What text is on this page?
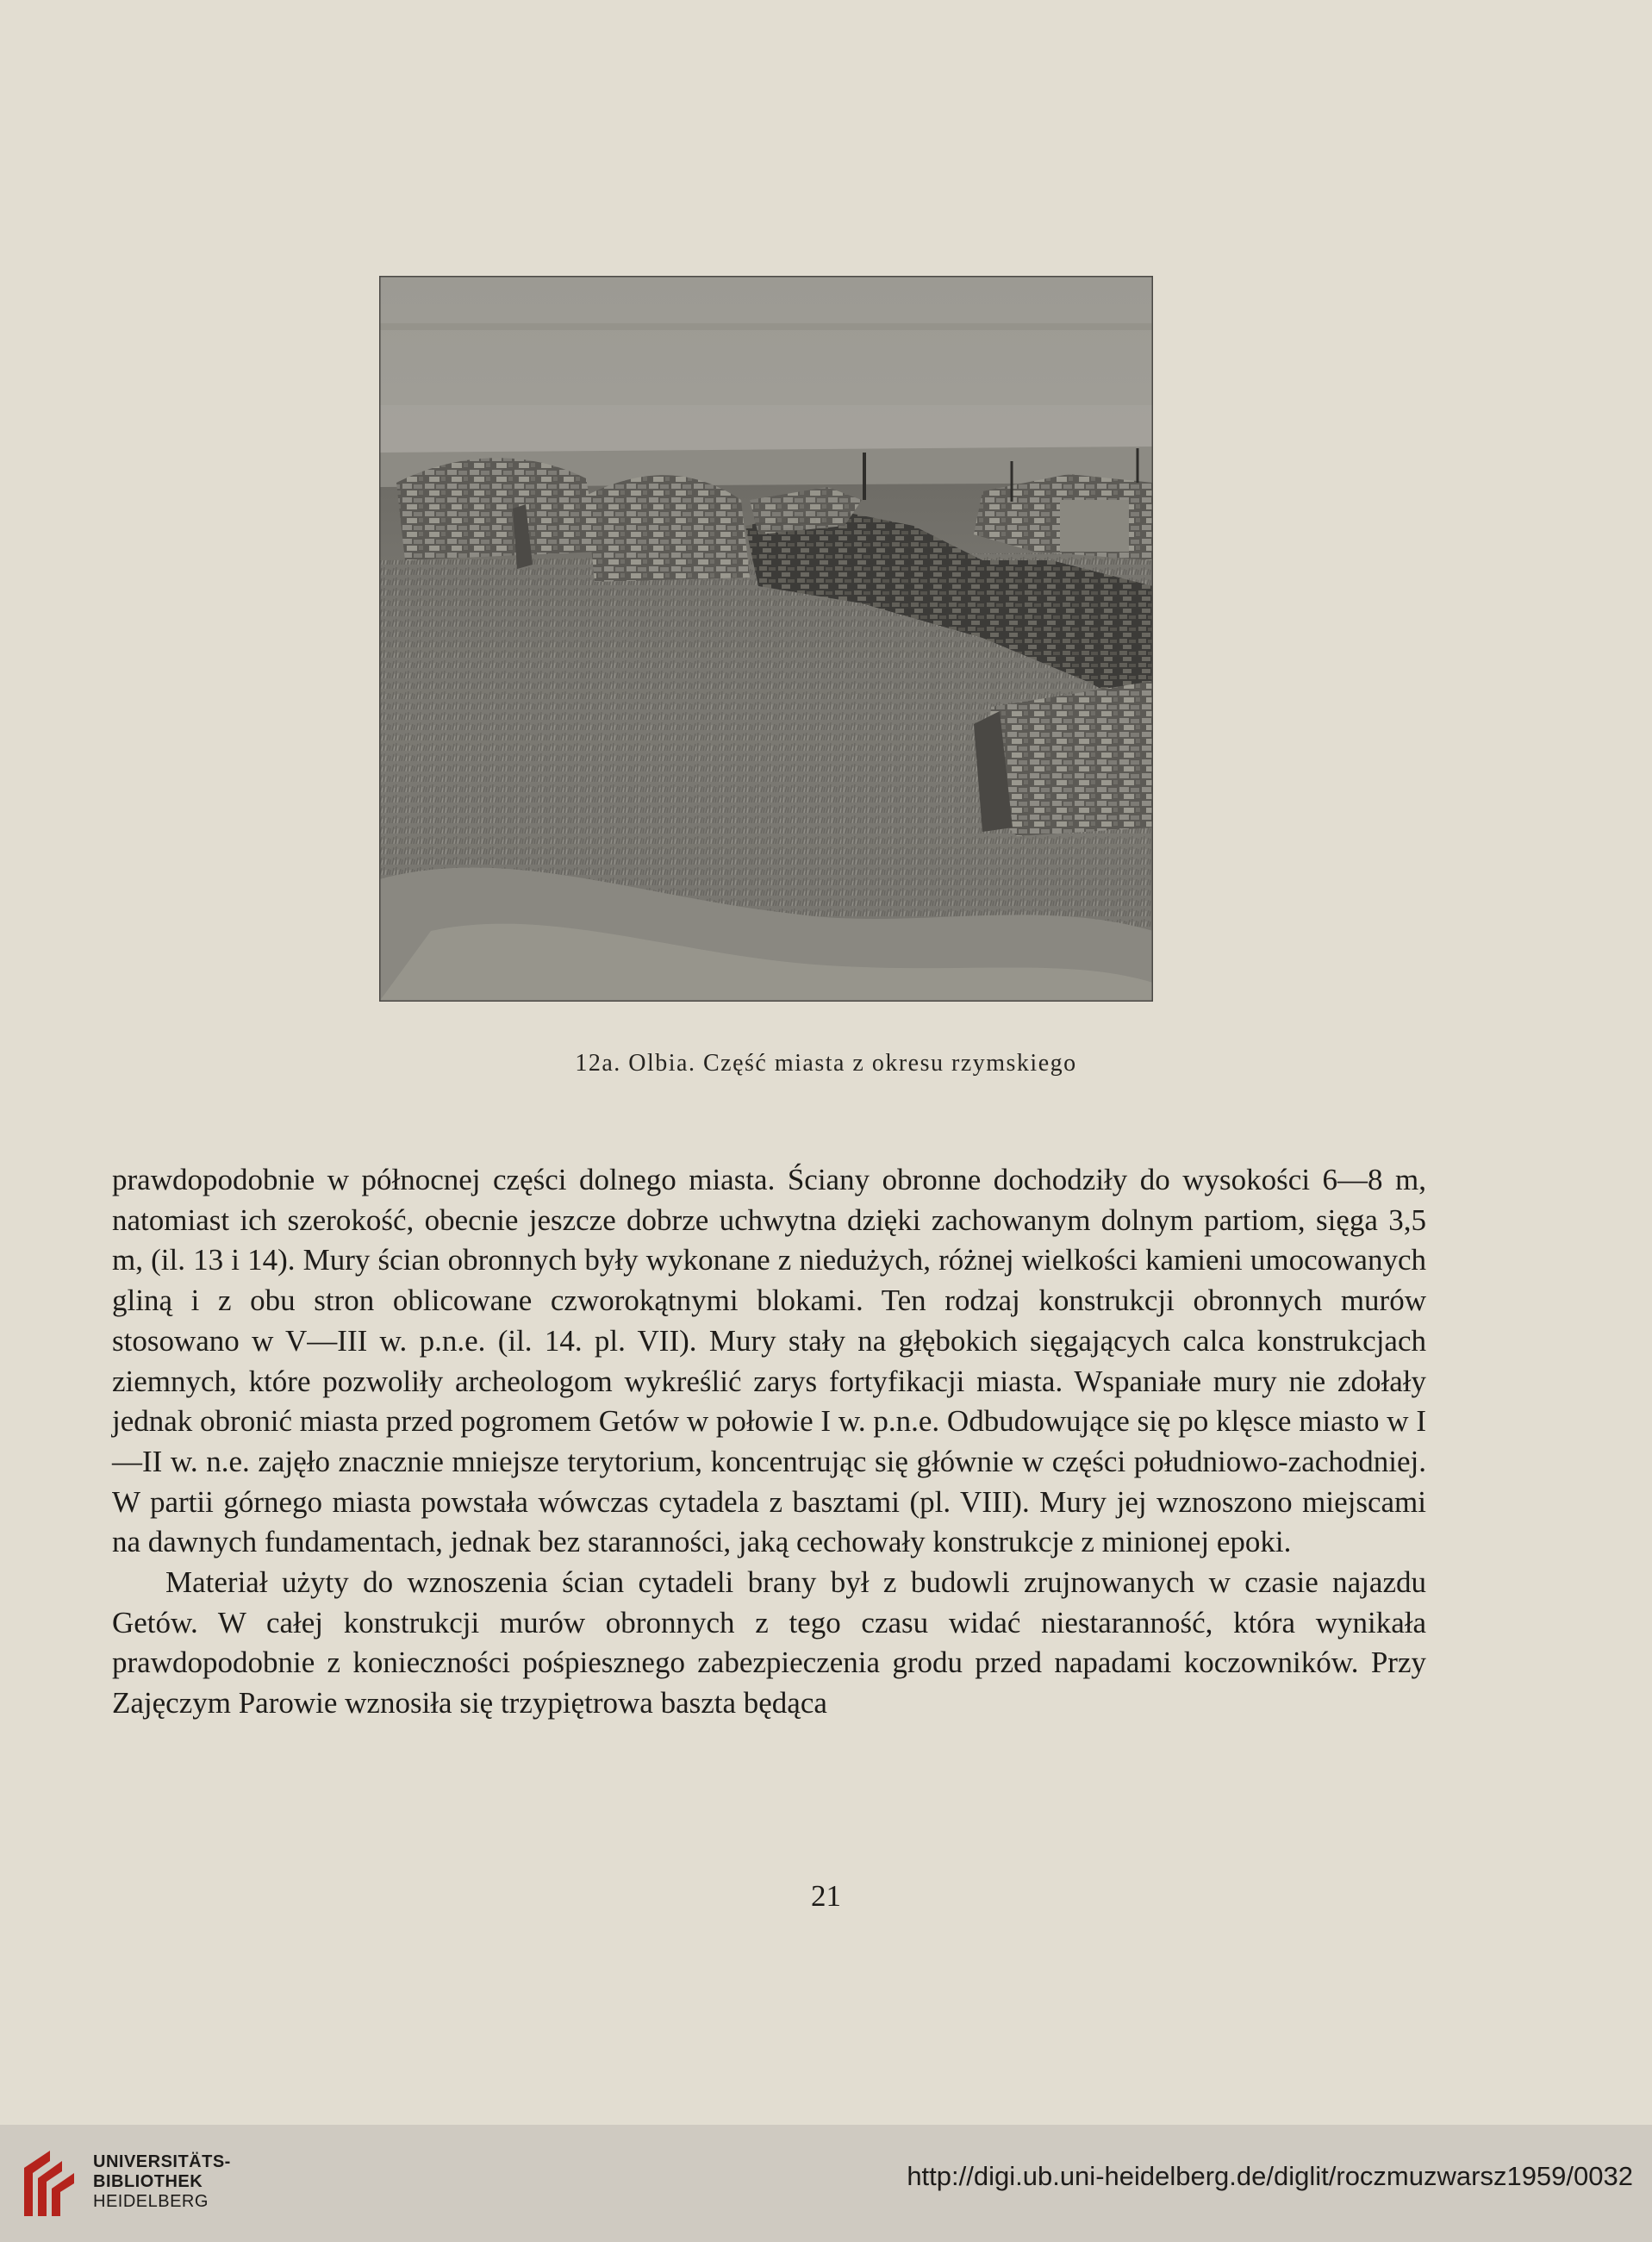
12a. Olbia. Część miasta z okresu rzymskiego

prawdopodobnie w północnej części dolnego miasta. Ściany obronne dochodziły do wysokości 6—8 m, natomiast ich szerokość, obecnie jeszcze dobrze uchwytna dzięki zachowanym dolnym partiom, sięga 3,5 m, (il. 13 i 14). Mury ścian obronnych były wykonane z niedużych, różnej wielkości kamieni umocowanych gliną i z obu stron oblicowane czworokątnymi blokami. Ten rodzaj konstrukcji obronnych murów stosowano w V—III w. p.n.e. (il. 14. pl. VII). Mury stały na głębokich sięgających calca konstrukcjach ziemnych, które pozwoliły archeologom wykreślić zarys fortyfikacji miasta. Wspaniałe mury nie zdołały jednak obronić miasta przed pogromem Getów w połowie I w. p.n.e. Odbudowujące się po klęsce miasto w I—II w. n.e. zajęło znacznie mniejsze terytorium, koncentrując się głównie w części południowo-zachodniej. W partii górnego miasta powstała wówczas cytadela z basztami (pl. VIII). Mury jej wznoszono miejscami na dawnych fundamentach, jednak bez staranności, jaką cechowały konstrukcje z minionej epoki.

Materiał użyty do wznoszenia ścian cytadeli brany był z budowli zrujnowanych w czasie najazdu Getów. W całej konstrukcji murów obronnych z tego czasu widać niestaranność, która wynikała prawdopodobnie z konieczności pośpiesznego zabezpieczenia grodu przed napadami koczowników. Przy Zajęczym Parowie wznosiła się trzypiętrowa baszta będąca

21

UNIVERSITÄTS-
BIBLIOTHEK
HEIDELBERG
http://digi.ub.uni-heidelberg.de/diglit/roczmuzwarsz1959/0032
